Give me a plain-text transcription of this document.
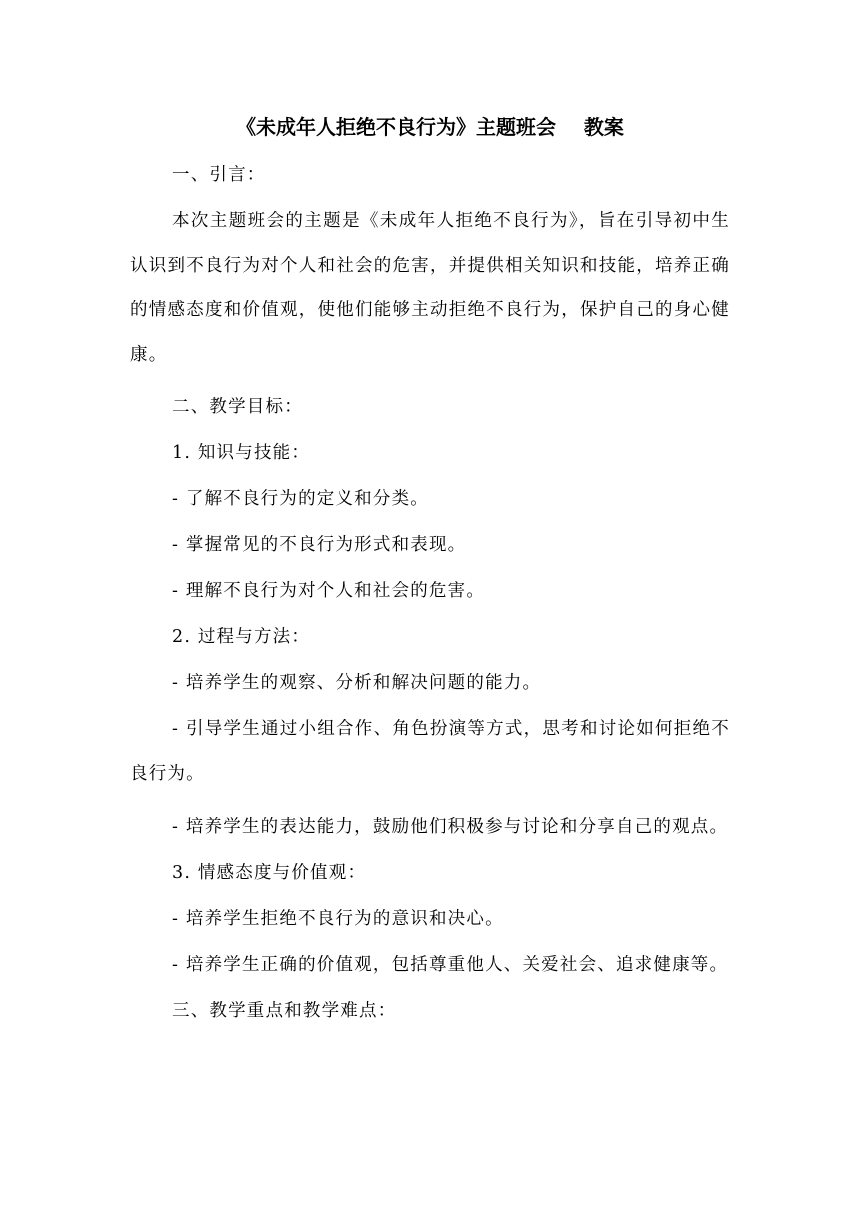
《未成年人拒绝不良行为》主题班会    教案

一、引言：

本次主题班会的主题是《未成年人拒绝不良行为》，旨在引导初中生认识到不良行为对个人和社会的危害，并提供相关知识和技能，培养正确的情感态度和价值观，使他们能够主动拒绝不良行为，保护自己的身心健康。

二、教学目标：

1. 知识与技能：

- 了解不良行为的定义和分类。

- 掌握常见的不良行为形式和表现。

- 理解不良行为对个人和社会的危害。

2. 过程与方法：

- 培养学生的观察、分析和解决问题的能力。

- 引导学生通过小组合作、角色扮演等方式，思考和讨论如何拒绝不良行为。

- 培养学生的表达能力，鼓励他们积极参与讨论和分享自己的观点。

3. 情感态度与价值观：

- 培养学生拒绝不良行为的意识和决心。

- 培养学生正确的价值观，包括尊重他人、关爱社会、追求健康等。

三、教学重点和教学难点：
